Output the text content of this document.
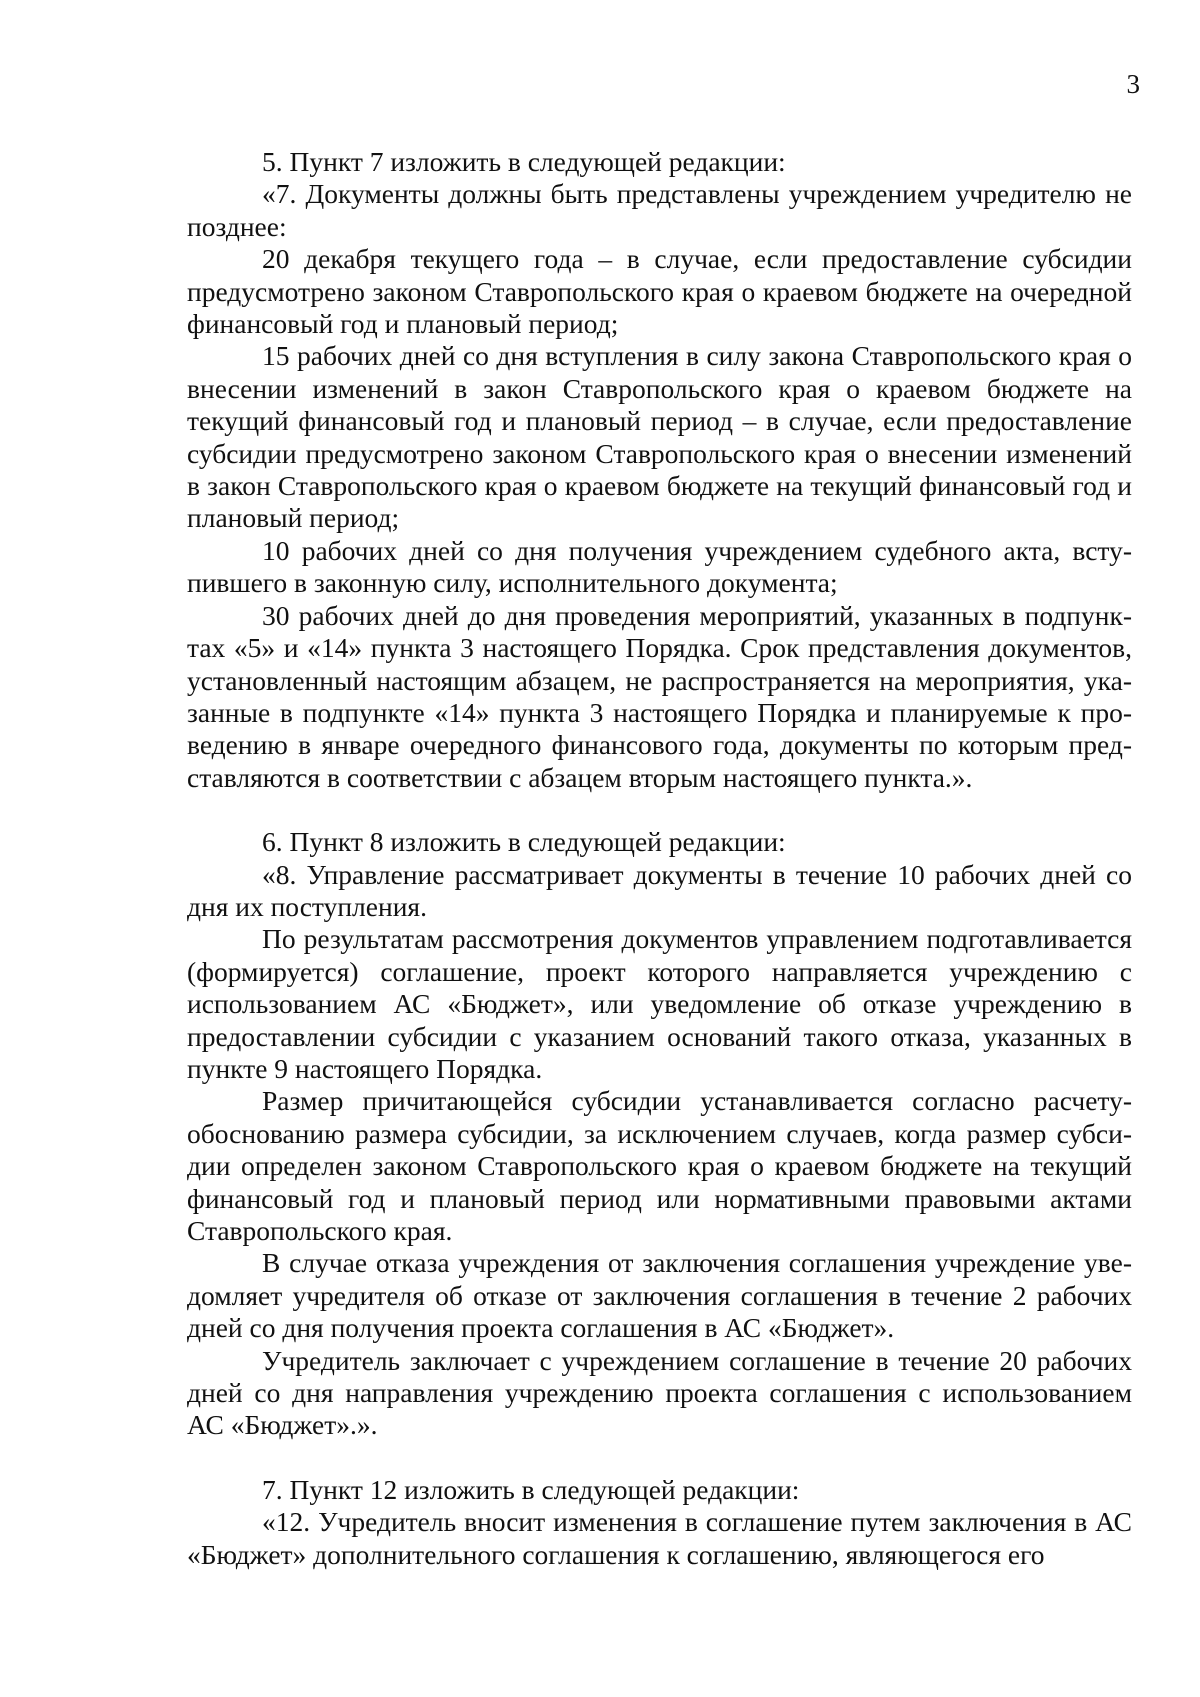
3

5. Пункт 7 изложить в следующей редакции:

«7. Документы должны быть представлены учреждением учредителю не позднее:

20 декабря текущего года – в случае, если предоставление субсидии предусмотрено законом Ставропольского края о краевом бюджете на очередной финансовый год и плановый период;

15 рабочих дней со дня вступления в силу закона Ставропольского края о внесении изменений в закон Ставропольского края о краевом бюджете на текущий финансовый год и плановый период – в случае, если предоставление субсидии предусмотрено законом Ставропольского края о внесении изменений в закон Ставропольского края о краевом бюджете на текущий финансовый год и плановый период;

10 рабочих дней со дня получения учреждением судебного акта, вступившего в законную силу, исполнительного документа;

30 рабочих дней до дня проведения мероприятий, указанных в подпунктах «5» и «14» пункта 3 настоящего Порядка. Срок представления документов, установленный настоящим абзацем, не распространяется на мероприятия, указанные в подпункте «14» пункта 3 настоящего Порядка и планируемые к проведению в январе очередного финансового года, документы по которым представляются в соответствии с абзацем вторым настоящего пункта.».

6. Пункт 8 изложить в следующей редакции:

«8. Управление рассматривает документы в течение 10 рабочих дней со дня их поступления.

По результатам рассмотрения документов управлением подготавливается (формируется) соглашение, проект которого направляется учреждению с использованием АС «Бюджет», или уведомление об отказе учреждению в предоставлении субсидии с указанием оснований такого отказа, указанных в пункте 9 настоящего Порядка.

Размер причитающейся субсидии устанавливается согласно расчету-обоснованию размера субсидии, за исключением случаев, когда размер субсидии определен законом Ставропольского края о краевом бюджете на текущий финансовый год и плановый период или нормативными правовыми актами Ставропольского края.

В случае отказа учреждения от заключения соглашения учреждение уведомляет учредителя об отказе от заключения соглашения в течение 2 рабочих дней со дня получения проекта соглашения в АС «Бюджет».

Учредитель заключает с учреждением соглашение в течение 20 рабочих дней со дня направления учреждению проекта соглашения с использованием АС «Бюджет».».

7. Пункт 12 изложить в следующей редакции:

«12. Учредитель вносит изменения в соглашение путем заключения в АС «Бюджет» дополнительного соглашения к соглашению, являющегося его
